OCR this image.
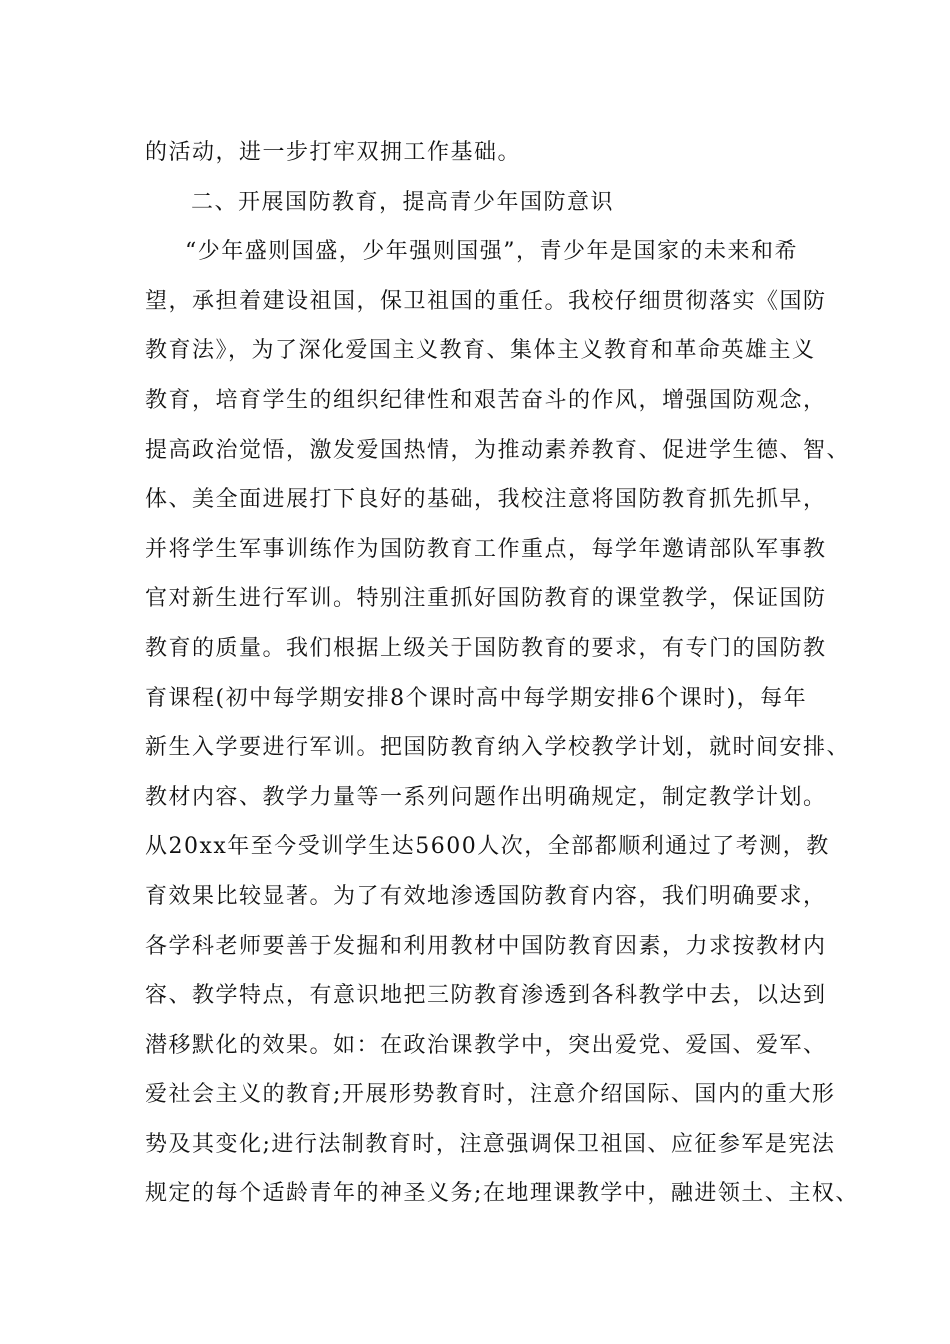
的活动，进一步打牢双拥工作基础。
二、开展国防教育，提高青少年国防意识
“少年盛则国盛，少年强则国强”，青少年是国家的未来和希
望，承担着建设祖国，保卫祖国的重任。我校仔细贯彻落实《国防
教育法》，为了深化爱国主义教育、集体主义教育和革命英雄主义
教育，培育学生的组织纪律性和艰苦奋斗的作风，增强国防观念，
提高政治觉悟，激发爱国热情，为推动素养教育、促进学生德、智、
体、美全面进展打下良好的基础，我校注意将国防教育抓先抓早，
并将学生军事训练作为国防教育工作重点，每学年邀请部队军事教
官对新生进行军训。特别注重抓好国防教育的课堂教学，保证国防
教育的质量。我们根据上级关于国防教育的要求，有专门的国防教
育课程(初中每学期安排8个课时高中每学期安排6个课时)，每年
新生入学要进行军训。把国防教育纳入学校教学计划，就时间安排、
教材内容、教学力量等一系列问题作出明确规定，制定教学计划。
从20xx年至今受训学生达5600人次，全部都顺利通过了考测，教
育效果比较显著。为了有效地渗透国防教育内容，我们明确要求，
各学科老师要善于发掘和利用教材中国防教育因素，力求按教材内
容、教学特点，有意识地把三防教育渗透到各科教学中去，以达到
潜移默化的效果。如：在政治课教学中，突出爱党、爱国、爱军、
爱社会主义的教育;开展形势教育时，注意介绍国际、国内的重大形
势及其变化;进行法制教育时，注意强调保卫祖国、应征参军是宪法
规定的每个适龄青年的神圣义务;在地理课教学中，融进领土、主权、
